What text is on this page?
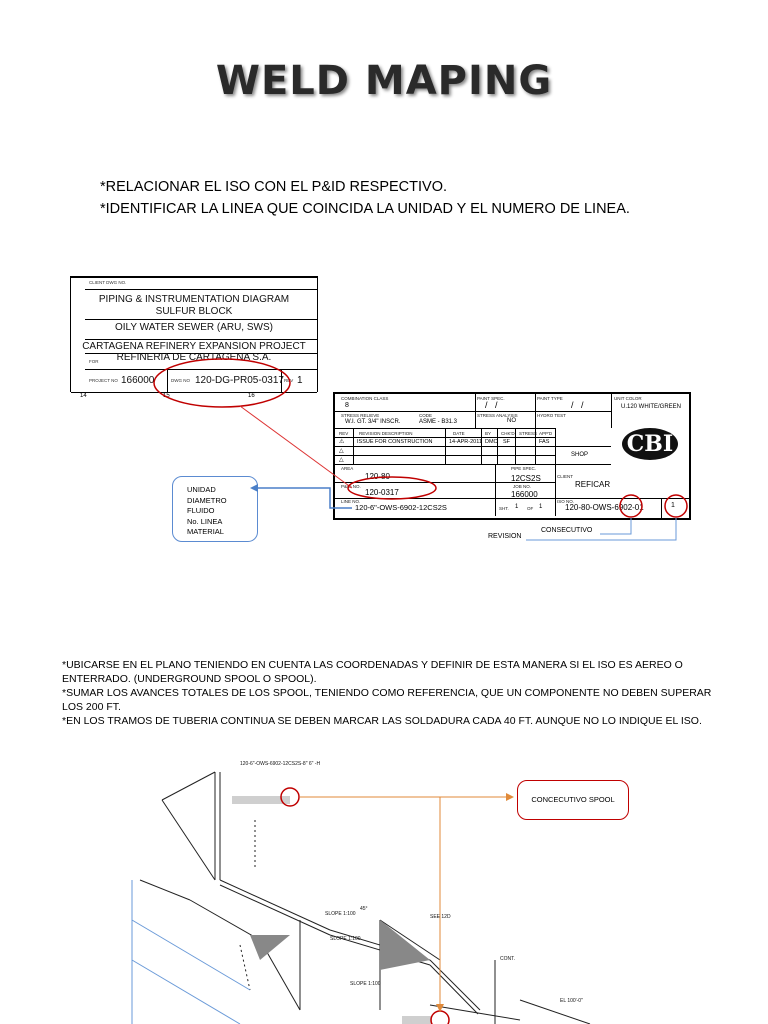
WELD MAPING
*RELACIONAR EL ISO CON EL P&ID RESPECTIVO.
*IDENTIFICAR LA LINEA QUE COINCIDA LA UNIDAD Y EL NUMERO DE LINEA.
CLIENT DWG NO.
PIPING & INSTRUMENTATION DIAGRAM
SULFUR BLOCK
OILY WATER SEWER (ARU, SWS)
CARTAGENA REFINERY EXPANSION PROJECT
FOR	REFINERIA DE CARTAGENA S.A.
PROJECT NO 166000	DWG NO 120-DG-PR05-0317 REV 1
14	15	16	COMBINATION CLASS
8
STRESS RELIEVE
W.I. GT. 3/4" INSCR.
CODE
ASME - B31.3
PAINT SPEC.
/   /
STRESS ANALYSIS
NO
PAINT TYPE
/   /
HYDRO TEST
UNIT COLOR
U.120 WHITE/GREEN
REV REVISION DESCRIPTION	DATE	BY CHK'D STRESS APP'D
⚠ ISSUE FOR CONSTRUCTION	14-APR-2011 DMC SF	FAS
△
△
SHOP
AREA
120-80
PIPE SPEC.
12CS2S
P&ID NO.
120-0317
JOB NO.
166000
CLIENT
REFICAR
LINE NO.
120-6"-OWS-6902-12CS2S	SHT. 1 OF 1
ISO NO.
120-80-OWS-6902-01	1
CBI
UNIDAD
DIAMETRO
FLUIDO
No. LINEA
MATERIAL
REVISION
CONSECUTIVO
*UBICARSE EN EL PLANO TENIENDO EN CUENTA LAS COORDENADAS Y DEFINIR DE ESTA MANERA SI EL ISO ES AEREO O ENTERRADO. (UNDERGROUND SPOOL O SPOOL).
*SUMAR LOS AVANCES TOTALES DE LOS SPOOL, TENIENDO COMO REFERENCIA, QUE UN COMPONENTE NO DEBEN SUPERAR LOS 200 FT.
*EN LOS TRAMOS DE TUBERIA CONTINUA SE DEBEN MARCAR LAS SOLDADURA CADA 40 FT. AUNQUE NO LO INDIQUE EL ISO.
CONCECUTIVO SPOOL
120-6"-OWS-6902-12CS2S-8" 6" -H
SLOPE 1:100
SLOPE 1:100
SLOPE 1:100
45°
CONT.
SEE 12D
EL 100'-0"
